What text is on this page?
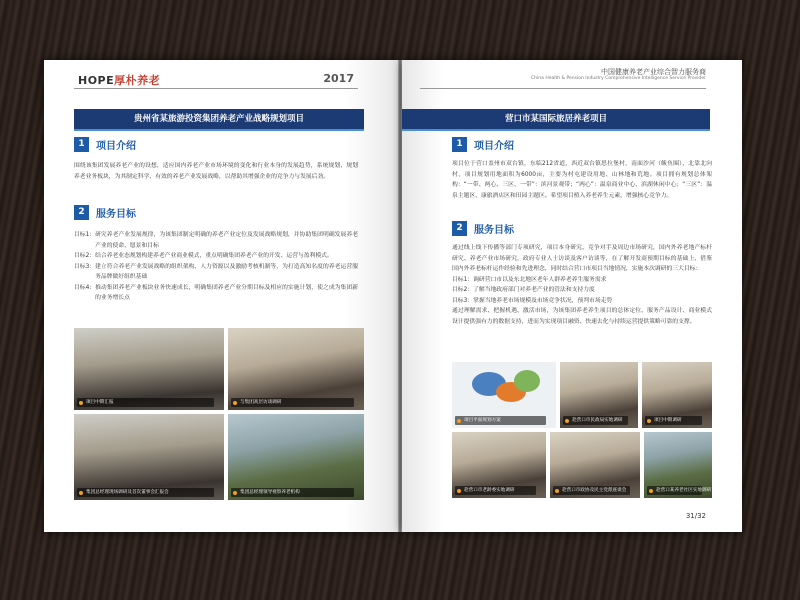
HOPE厚朴养老	2017
贵州省某旅游投资集团养老产业战略规划项目
1	项目介绍
围绕该集团发展养老产业的设想，适应国内养老产业市场环境的变化和行业本身的发展趋势，系统规划、规划养老业务板块，为其制定科学、有效的养老产业发展战略，以帮助其增强企业的竞争力与发展后劲。
2	服务目标
目标1： 研究养老产业发展规律，为该集团制定明确的养老产业定位及发展战略规划，并协助集团明确发展养老产业的使命、愿景和目标
目标2： 结合养老业态规划构建养老产业商业模式，重点明确集团养老产业的开发、运营与盈利模式。
目标3： 建立符合养老产业发展战略的组织架构、人力资源以及激励考核机制等，为打造高知名度的养老运营服务品牌做好组织基础
目标4： 推动集团养老产业板块业务快速成长，明确集团养老产业分期目标及相应的实施计划，使之成为集团新的业务增长点
项目中期汇报	与集团高层访谈调研
集团总经理现场调研及首次董事会汇报会	集团总经理领导视察养老机构
中国健康养老产业综合智力服务商
China Health & Pension Industry Comprehensive Intelligence Service Provider
营口市某国际旅居养老项目
1	项目介绍
项目位于营口盖州市双台镇，东临212省道，西近双台镇思拉堡村，南面沙河（鲅鱼圈）、北靠北向村，项目规划用地面积为6000亩，主要为村屯建设用地、山林地和荒地。项目拥有规划总体架构：“一带、两心、三区、一带”：滨河景观带；“两心”：温泉商业中心、滨湖休闲中心；“三区”：温泉主题区、康旅酒店区和田园主题区。希望项目植入养老养生元素，增强核心竞争力。
2	服务目标

通过线上线下传播等部门专项研究，项目本身研究、竞争对手及周边市场研究，国内外养老地产标杆研究、养老产业市场研究，政府专业人士访谈及客户访谈等，在了解开发商预期目标的基础上，借鉴国内外养老标杆运作经验和先进理念，同时结合营口市项目当地情况，实施本次调研的三大目标：

目标1： 调研营口市以及东北地区老年人群养老养生服务需求
目标2： 了解当地政府部门对养老产业的管法和支持力度
目标3： 掌握当地养老市场规模及市场竞争状况，预判市场走势

通过理解需求、把握机遇、激活市场，为该集团养老养生项目的总体定位、服务产品设计、商业模式设计提供强有力的数据支持，进而为实现项目融资、快速去化与持续运营提供策略可靠的支撑。

项目平面规划方案	赴营口市民政局实地调研	项目中期调研
赴营口市老龄委实地调研	赴营口市政协及民主党派座谈会	赴营口某养老社区实地调研
31/32
